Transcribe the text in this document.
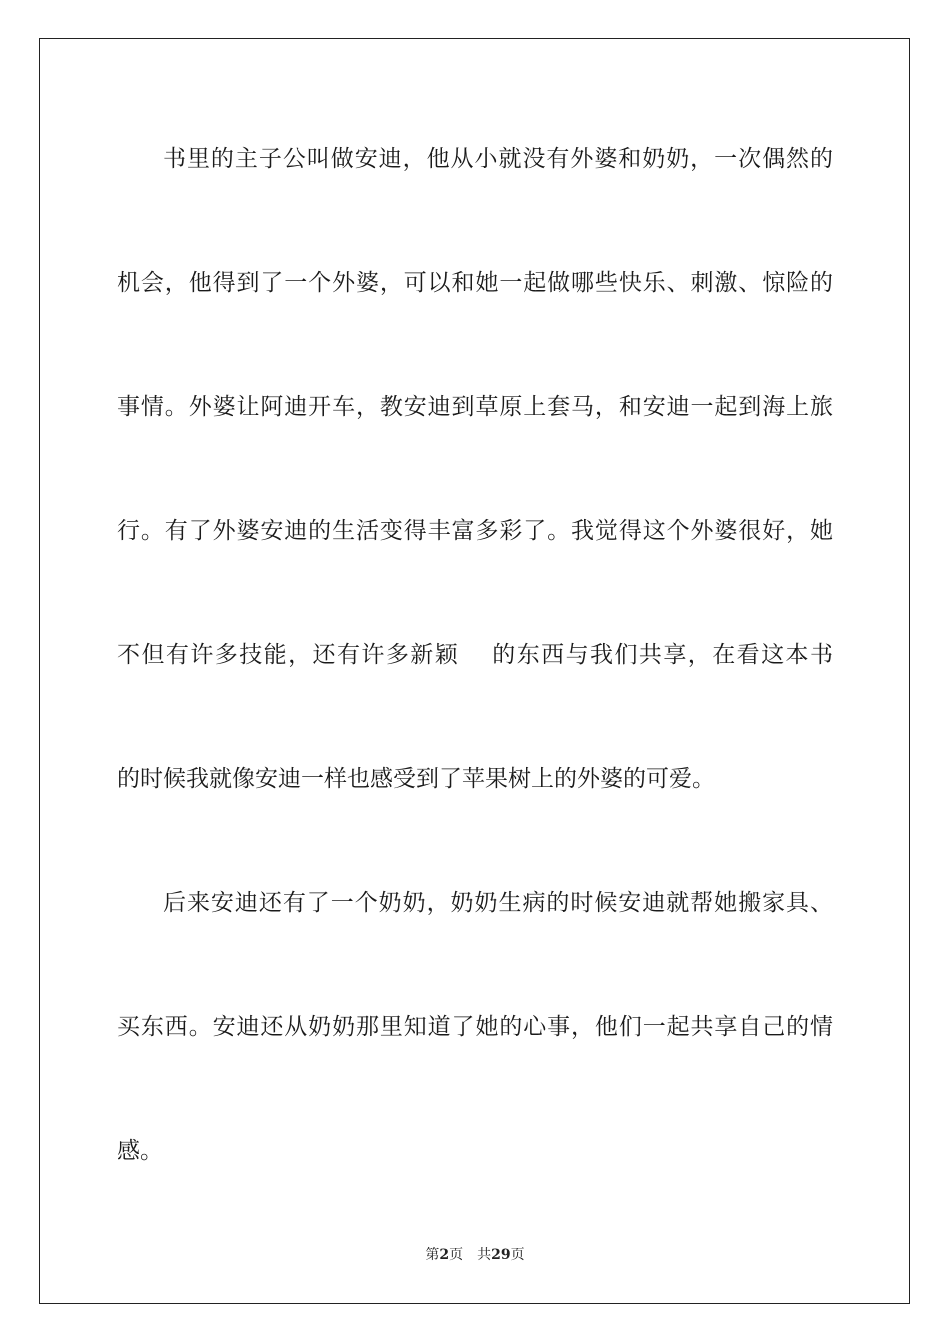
书里的主子公叫做安迪，他从小就没有外婆和奶奶，一次偶然的
机会，他得到了一个外婆，可以和她一起做哪些快乐、刺激、惊险的
事情。外婆让阿迪开车，教安迪到草原上套马，和安迪一起到海上旅
行。有了外婆安迪的生活变得丰富多彩了。我觉得这个外婆很好，她
不但有许多技能，还有许多新颖　 的东西与我们共享，在看这本书
的时候我就像安迪一样也感受到了苹果树上的外婆的可爱。
后来安迪还有了一个奶奶，奶奶生病的时候安迪就帮她搬家具、
买东西。安迪还从奶奶那里知道了她的心事，他们一起共享自己的情
感。
第2页 共29页
